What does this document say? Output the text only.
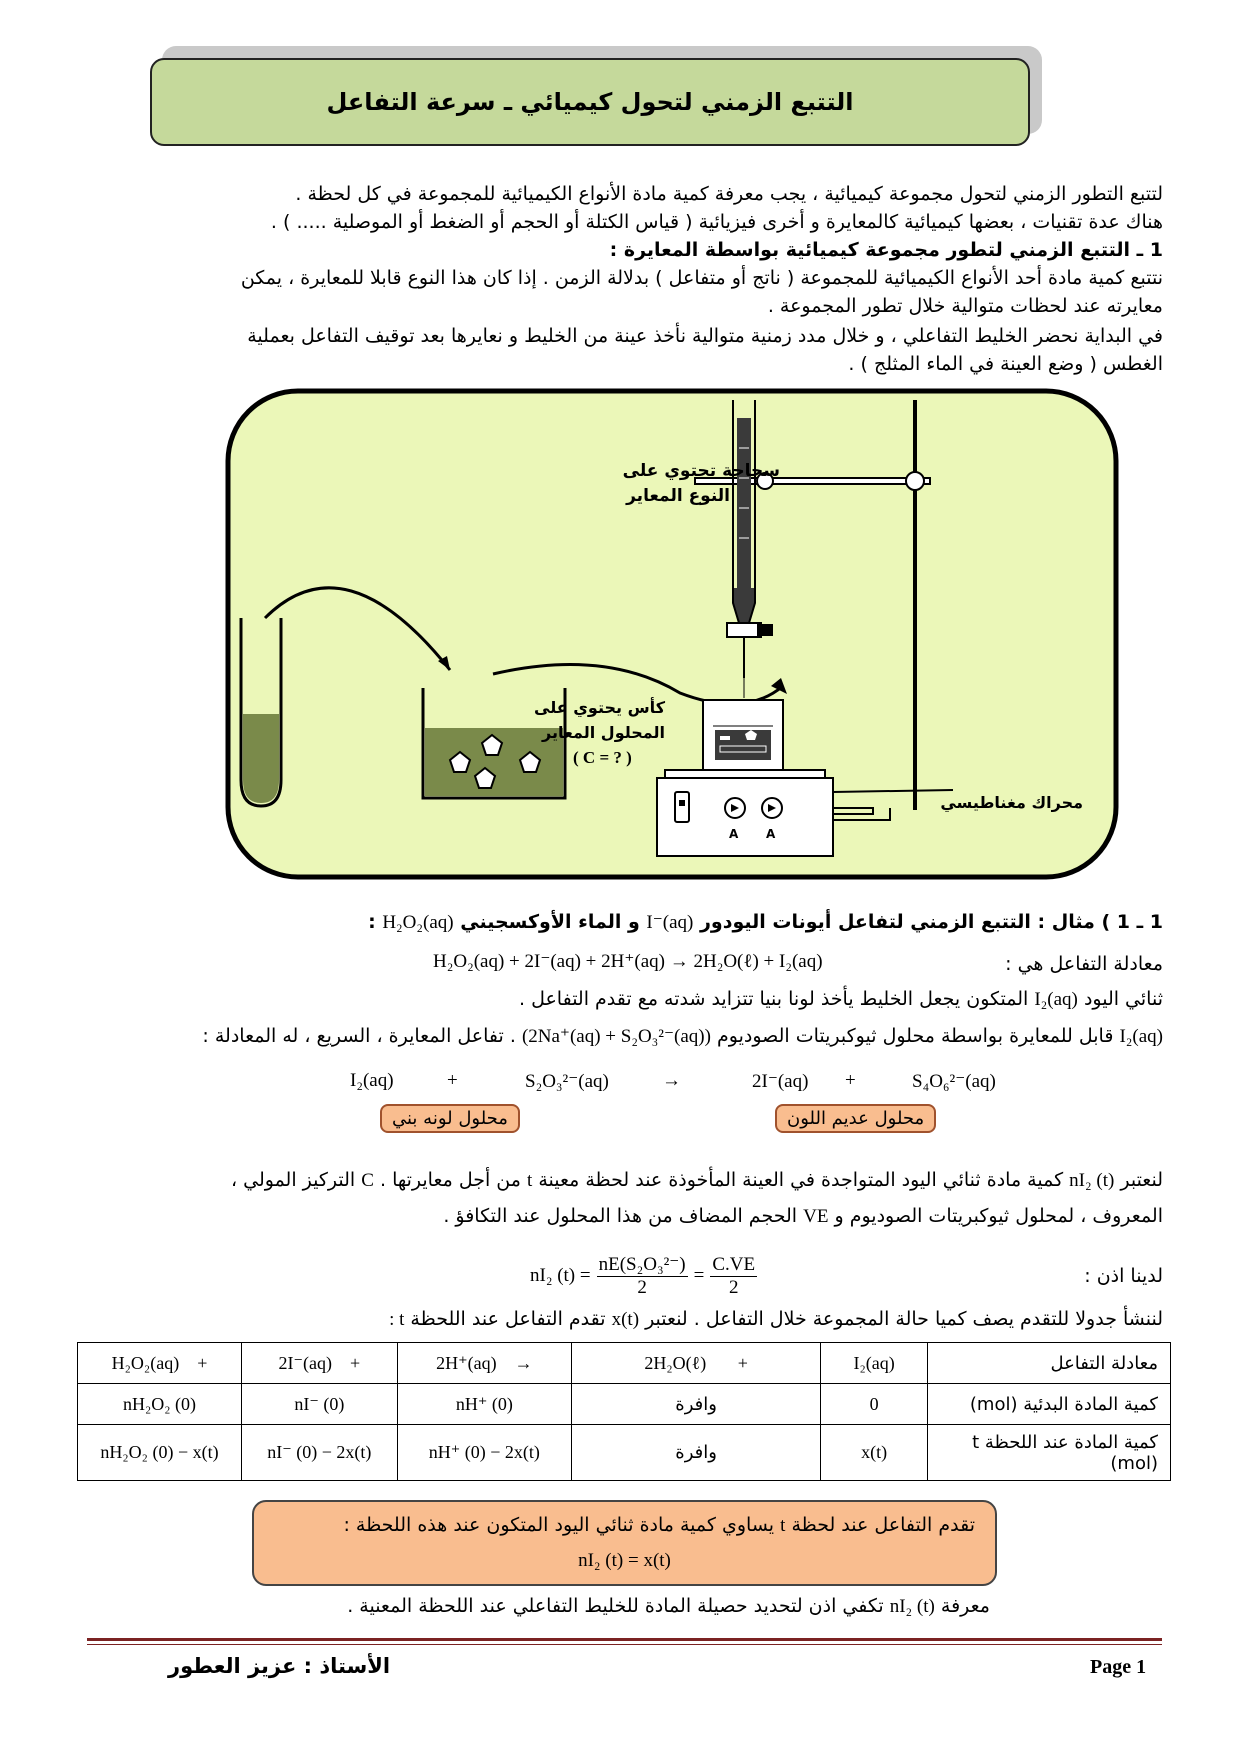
التتبع الزمني لتحول كيميائي ـ سرعة التفاعل
لتتبع التطور الزمني لتحول مجموعة كيميائية ، يجب معرفة كمية مادة الأنواع الكيميائية للمجموعة في كل لحظة .
هناك عدة تقنيات ، بعضها كيميائية كالمعايرة و أخرى فيزيائية ( قياس الكتلة أو الحجم أو الضغط أو الموصلية ..... ) .
1 ـ التتبع الزمني لتطور مجموعة كيميائية بواسطة المعايرة :
نتتبع كمية مادة أحد الأنواع الكيميائية للمجموعة ( ناتج أو متفاعل ) بدلالة الزمن . إذا كان هذا النوع قابلا للمعايرة ، يمكن
معايرته عند لحظات متوالية خلال تطور المجموعة .
في البداية نحضر الخليط التفاعلي ، و خلال مدد زمنية متوالية نأخذ عينة من الخليط و نعايرها بعد توقيف التفاعل بعملية
الغطس ( وضع العينة في الماء المثلج ) .
A A
سحاحة تحتوي على
النوع المعاير
كأس يحتوي على
المحلول المعاير
( C = ? )
محراك مغناطيسي
1 ـ 1 ) مثال : التتبع الزمني لتفاعل أيونات اليودور I⁻(aq) و الماء الأوكسجيني H₂O₂(aq) :
معادلة التفاعل هي :
H₂O₂(aq) + 2I⁻(aq) + 2H⁺(aq) → 2H₂O(ℓ) + I₂(aq)
ثنائي اليود I₂(aq) المتكون يجعل الخليط يأخذ لونا بنيا تتزايد شدته مع تقدم التفاعل .
I₂(aq) قابل للمعايرة بواسطة محلول ثيوكبريتات الصوديوم (2Na⁺(aq) + S₂O₃²⁻(aq)) . تفاعل المعايرة ، السريع ، له المعادلة :
I₂(aq)	+	S₂O₃²⁻(aq)	→	2I⁻(aq) +	S₄O₆²⁻(aq)
محلول لونه بني	محلول عديم اللون
لنعتبر nI₂ (t) كمية مادة ثنائي اليود المتواجدة في العينة المأخوذة عند لحظة معينة t من أجل معايرتها . C التركيز المولي ،
المعروف ، لمحلول ثيوكبريتات الصوديوم و VE الحجم المضاف من هذا المحلول عند التكافؤ .
لدينا اذن :
nI₂ $(t) = \frac{\text{nE(S₂O₃²⁻)}}{2} = \frac{C.VE}{2}$
لننشأ جدولا للتقدم يصف كميا حالة المجموعة خلال التفاعل . لنعتبر x(t) تقدم التفاعل عند اللحظة t :
H₂O₂(aq) +	2I⁻(aq) +	2H⁺(aq) →	2H₂O(ℓ) +	I₂(aq)	معادلة التفاعل
nH₂O₂ (0)	nI⁻ (0)	nH⁺ (0)	وافرة	0	كمية المادة البدئية (mol)
nH₂O₂ (0) − x(t)	nI⁻ (0) − 2x(t)	nH⁺ (0) − 2x(t)	وافرة	x(t)	كمية المادة عند اللحظة t (mol)
تقدم التفاعل عند لحظة t يساوي كمية مادة ثنائي اليود المتكون عند هذه اللحظة :
nI₂ (t) = x(t)
معرفة nI₂ (t) تكفي اذن لتحديد حصيلة المادة للخليط التفاعلي عند اللحظة المعنية .
الأستاذ : عزيز العطور	Page 1
